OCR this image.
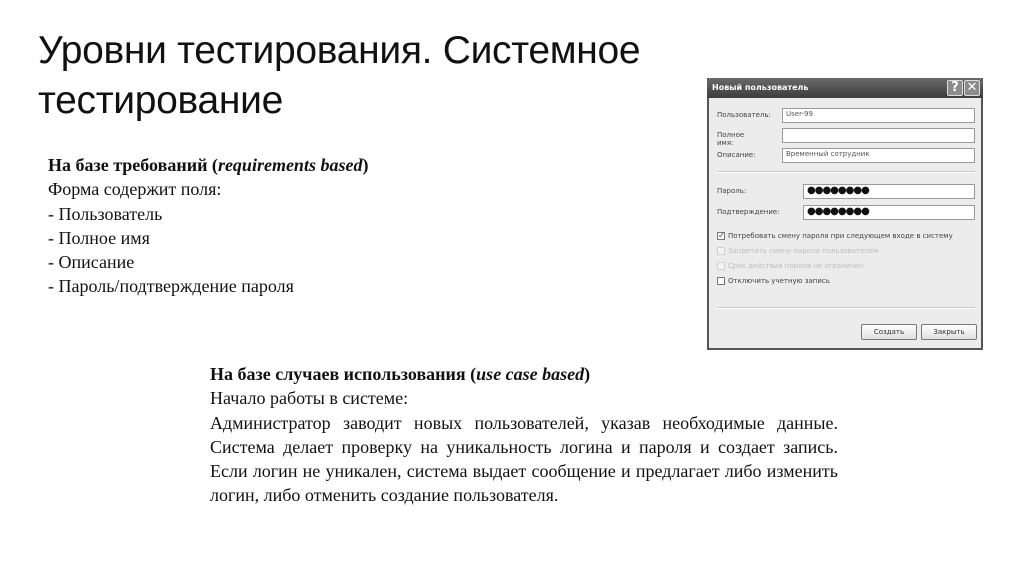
Уровни тестирования. Системное тестирование
На базе требований (requirements based)
Форма содержит поля:
- Пользователь
- Полное имя
- Описание
- Пароль/подтверждение пароля
На базе случаев использования (use case based)
Начало работы в системе:
Администратор заводит новых пользователей, указав необходимые данные. Система делает проверку на уникальность логина и пароля и создает запись. Если логин не уникален, система выдает сообщение и предлагает либо изменить логин, либо отменить создание пользователя.
Новый пользователь	? ✕
Пользователь:	User-99
Полное имя:
Описание:	Временный сотрудник
Пароль:	●●●●●●●●
Подтверждение:	●●●●●●●●
✓ Потребовать смену пароля при следующем входе в систему
Запретить смену пароля пользователем
Срок действия пароля не ограничен
Отключить учетную запись
Создать	Закрыть
